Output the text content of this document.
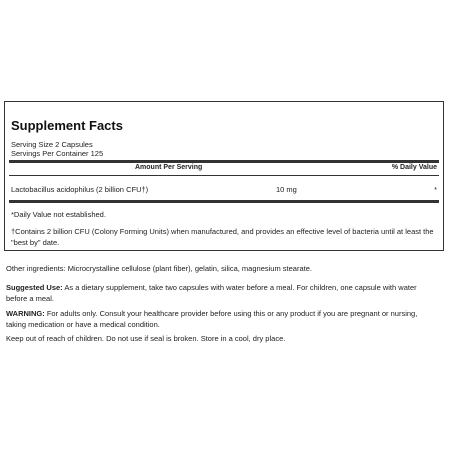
Supplement Facts
Serving Size 2 Capsules
Servings Per Container 125
Amount Per Serving	% Daily Value
Lactobacillus acidophilus (2 billion CFU†)	10 mg	*
*Daily Value not established.
†Contains 2 billion CFU (Colony Forming Units) when manufactured, and provides an effective level of bacteria until at least the "best by" date.
Other ingredients: Microcrystalline cellulose (plant fiber), gelatin, silica, magnesium stearate.
Suggested Use: As a dietary supplement, take two capsules with water before a meal. For children, one capsule with water before a meal.
WARNING: For adults only. Consult your healthcare provider before using this or any product if you are pregnant or nursing, taking medication or have a medical condition.
Keep out of reach of children. Do not use if seal is broken. Store in a cool, dry place.
